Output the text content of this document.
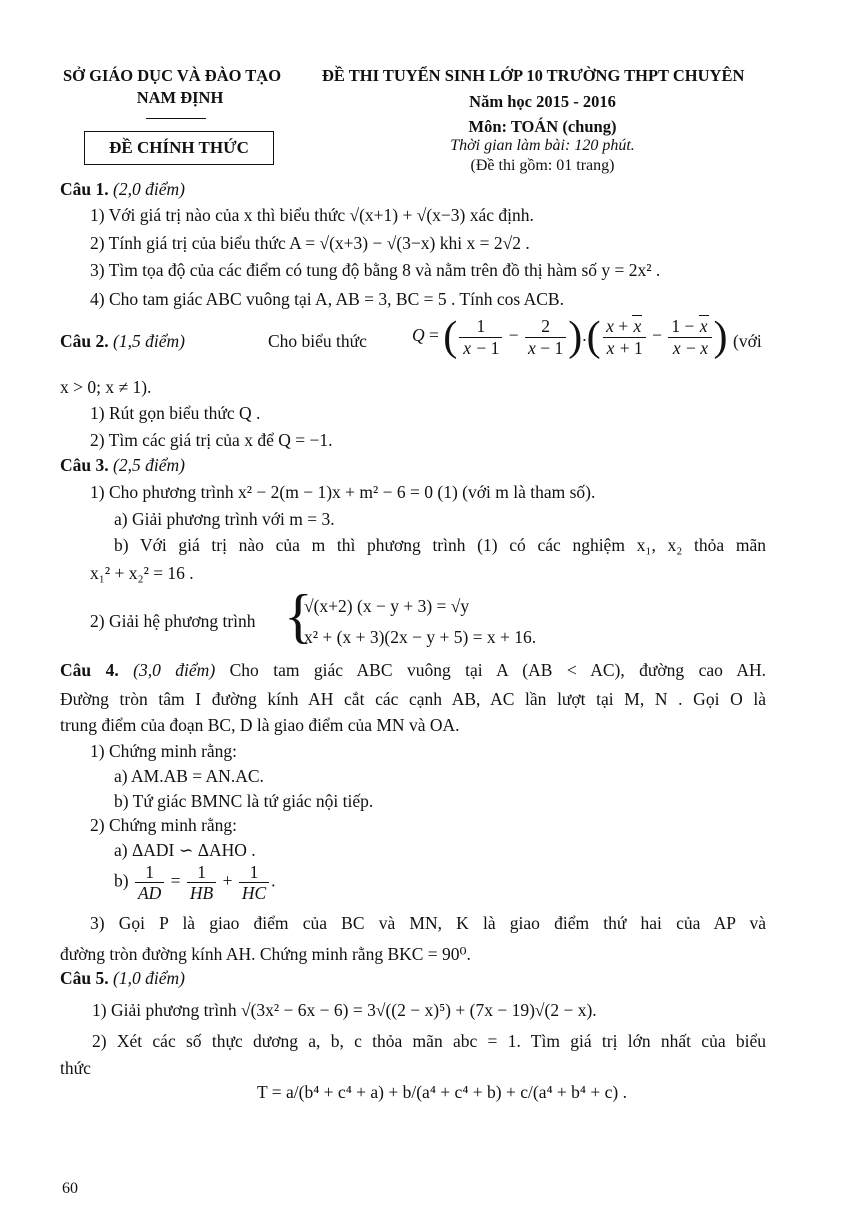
SỞ GIÁO DỤC VÀ ĐÀO TẠO
NAM ĐỊNH
ĐỀ CHÍNH THỨC
ĐỀ THI TUYỂN SINH LỚP 10 TRƯỜNG THPT CHUYÊN
Năm học 2015 - 2016
Môn: TOÁN (chung)
Thời gian làm bài: 120 phút.
(Đề thi gồm: 01 trang)
Câu 1. (2,0 điểm)
1) Với giá trị nào của x thì biểu thức √(x+1) + √(x−3) xác định.
2) Tính giá trị của biểu thức A = √(x+3) − √(3−x) khi x = 2√2 .
3) Tìm tọa độ của các điểm có tung độ bằng 8 và nằm trên đồ thị hàm số y = 2x² .
4) Cho tam giác ABC vuông tại A, AB = 3, BC = 5 . Tính cos ACB.
Câu 2. (1,5 điểm)	Cho biểu thức	Q = ( $\frac{1}{x - 1} - \frac{2}{x - 1}$ ).( $\frac{x + x}{x + 1} - \frac{1 - x}{x - x}$ ) (với
x > 0; x ≠ 1).
1) Rút gọn biểu thức Q .
2) Tìm các giá trị của x để Q = −1.
Câu 3. (2,5 điểm)
1) Cho phương trình x² − 2(m − 1)x + m² − 6 = 0 (1) (với m là tham số).
a) Giải phương trình với m = 3.
b) Với giá trị nào của m thì phương trình (1) có các nghiệm x₁, x₂ thỏa mãn
x₁² + x₂² = 16 .
2) Giải hệ phương trình {
√(x+2) (x − y + 3) = √y
x² + (x + 3)(2x − y + 5) = x + 16.
Câu 4. (3,0 điểm) Cho tam giác ABC vuông tại A (AB < AC), đường cao AH.
Đường tròn tâm I đường kính AH cắt các cạnh AB, AC lần lượt tại M, N . Gọi O là
trung điểm của đoạn BC, D là giao điểm của MN và OA.
1) Chứng minh rằng:
a) AM.AB = AN.AC.
b) Tứ giác BMNC là tứ giác nội tiếp.
2) Chứng minh rằng:
a) ΔADI ∽ ΔAHO .
$b) \frac{1}{AD} = \frac{1}{HB} + \frac{1}{HC}$ .
3) Gọi P là giao điểm của BC và MN, K là giao điểm thứ hai của AP và
đường tròn đường kính AH. Chứng minh rằng BKC = 90⁰.
Câu 5. (1,0 điểm)
1) Giải phương trình √(3x² − 6x − 6) = 3√((2 − x)⁵) + (7x − 19)√(2 − x).
2) Xét các số thực dương a, b, c thỏa mãn abc = 1. Tìm giá trị lớn nhất của biểu
thức
T = a/(b⁴ + c⁴ + a) + b/(a⁴ + c⁴ + b) + c/(a⁴ + b⁴ + c) .
60
